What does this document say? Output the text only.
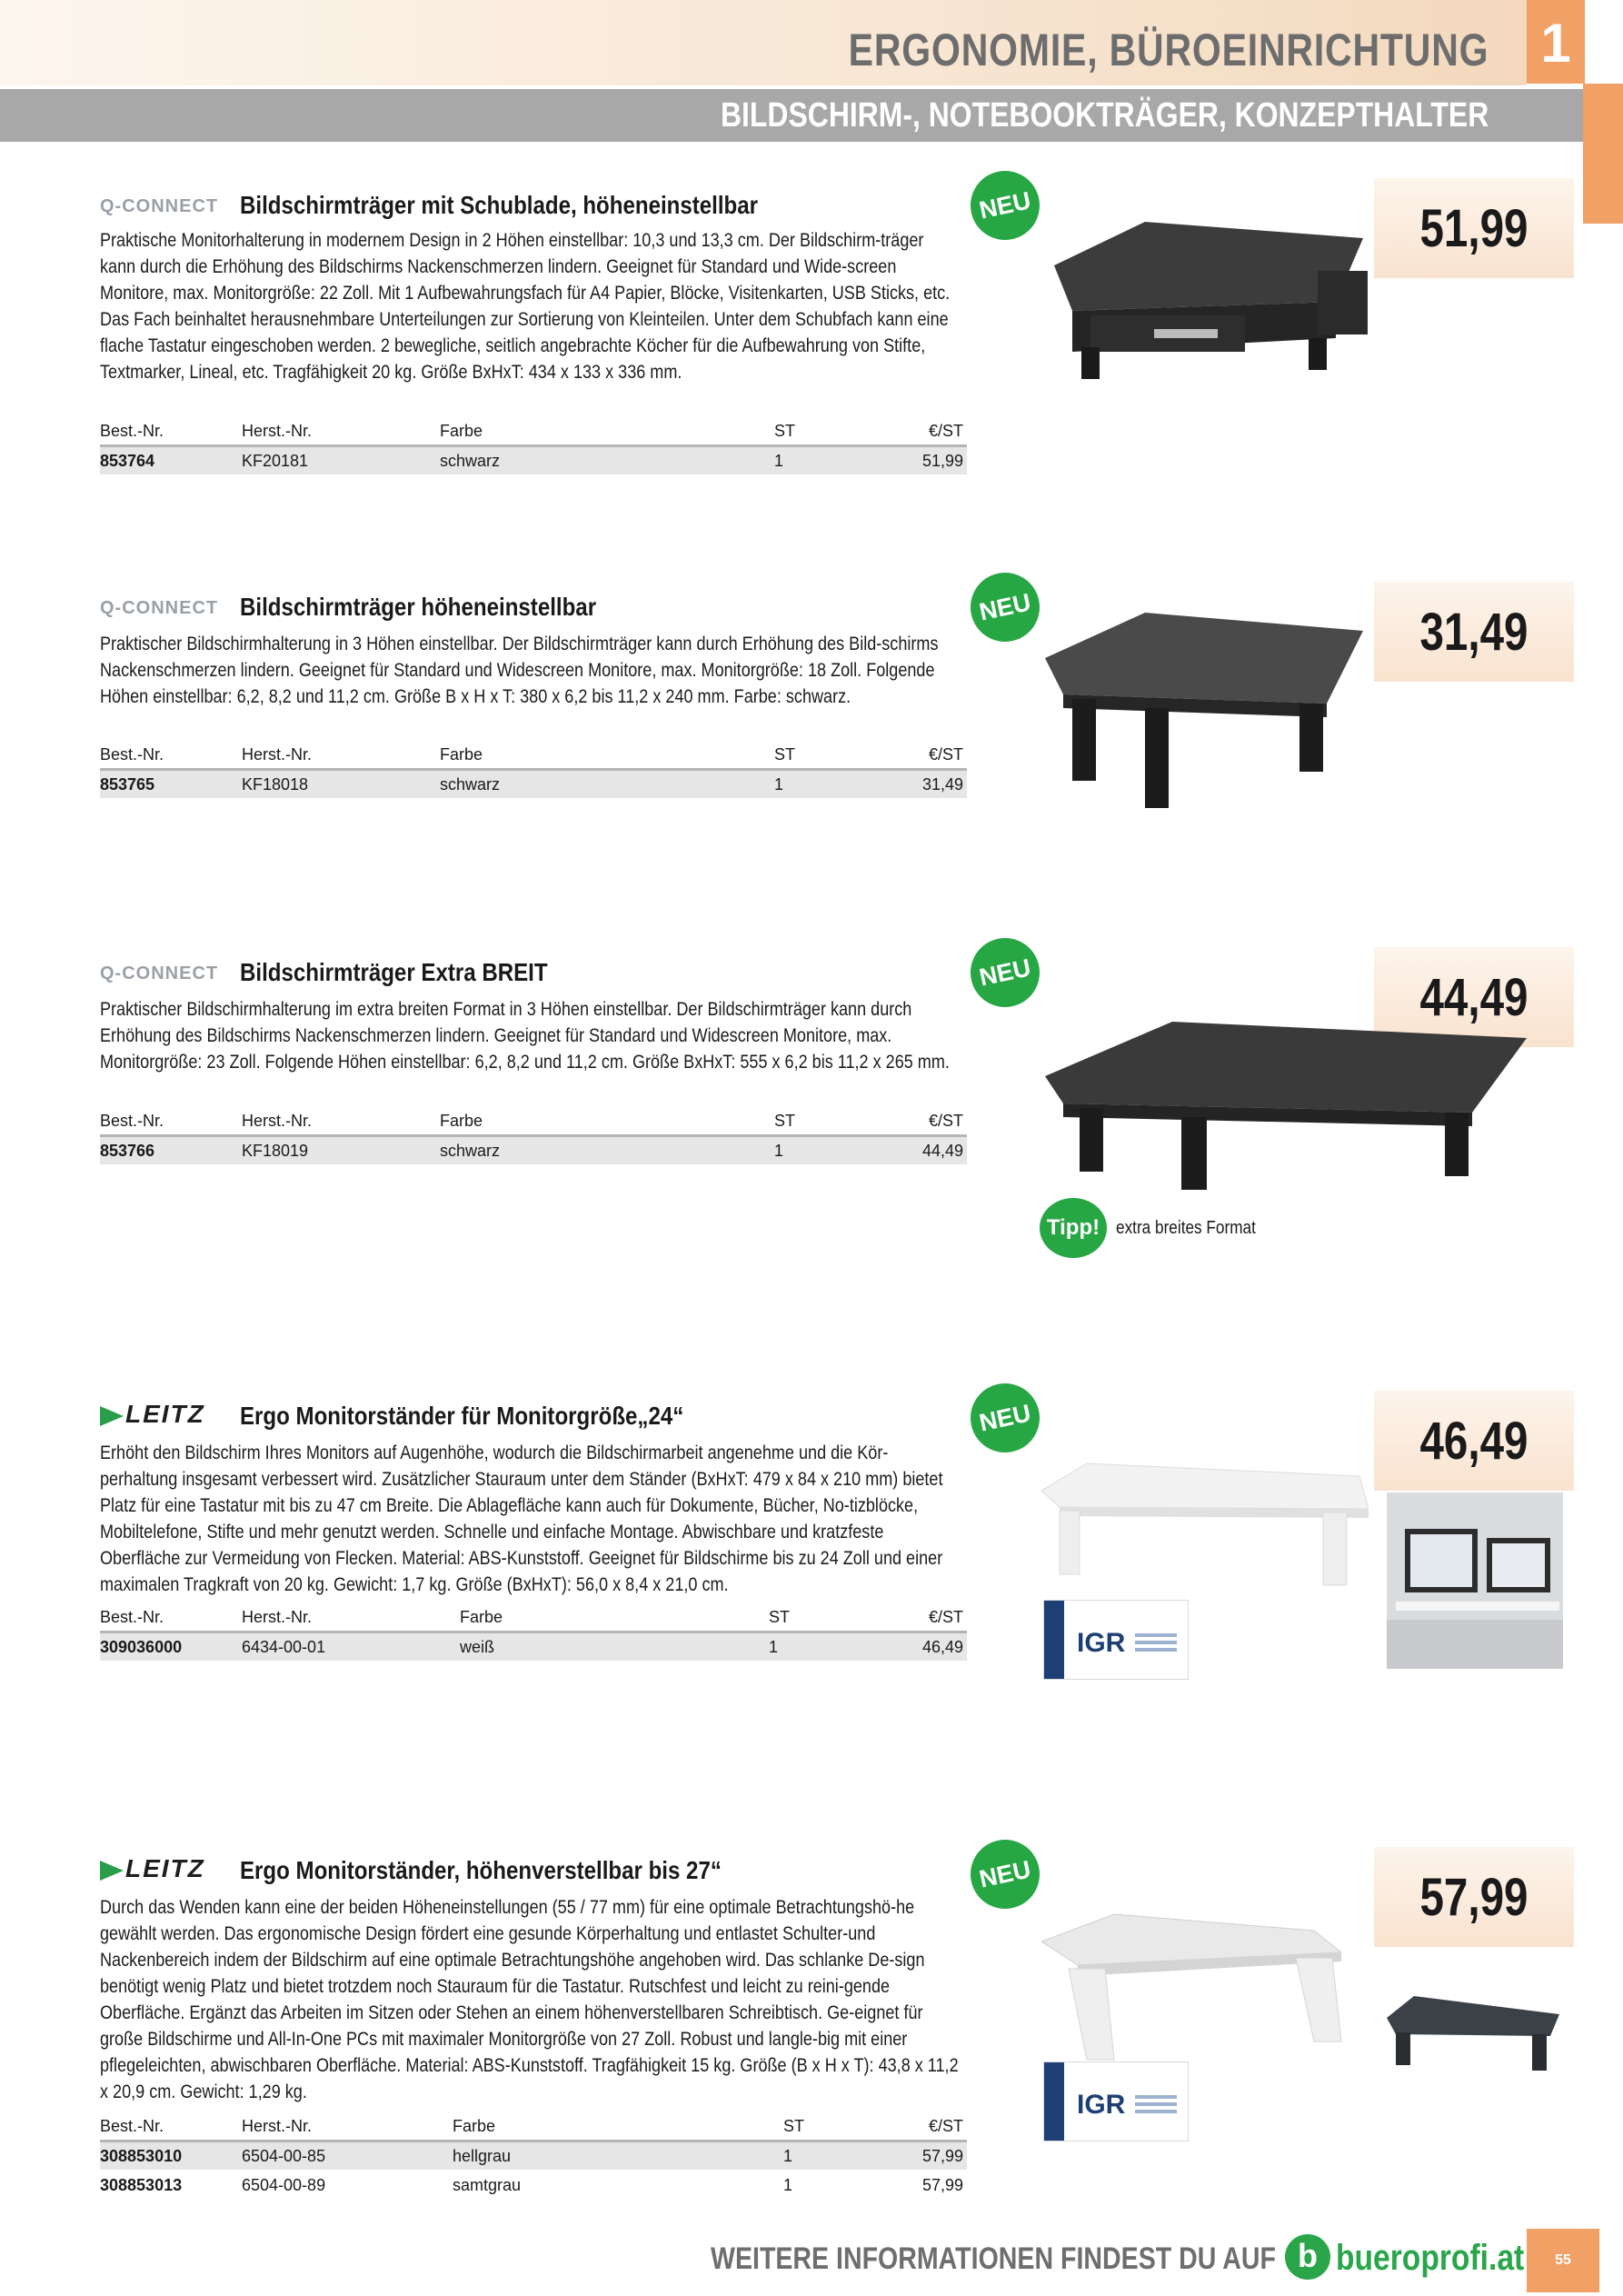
ERGONOMIE, BÜROEINRICHTUNG 1
BILDSCHIRM-, NOTEBOOKTRÄGER, KONZEPTHALTER
Q-CONNECT Bildschirmträger mit Schublade, höheneinstellbar
Praktische Monitorhalterung in modernem Design in 2 Höhen einstellbar: 10,3 und 13,3 cm. Der Bildschirm-träger kann durch die Erhöhung des Bildschirms Nackenschmerzen lindern. Geeignet für Standard und Wide-screen Monitore, max. Monitorgröße: 22 Zoll. Mit 1 Aufbewahrungsfach für A4 Papier, Blöcke, Visitenkarten, USB Sticks, etc. Das Fach beinhaltet herausnehmbare Unterteilungen zur Sortierung von Kleinteilen. Unter dem Schubfach kann eine flache Tastatur eingeschoben werden. 2 bewegliche, seitlich angebrachte Köcher für die Aufbewahrung von Stifte, Textmarker, Lineal, etc. Tragfähigkeit 20 kg. Größe BxHxT: 434 x 133 x 336 mm.
Best.-Nr.	Herst.-Nr.	Farbe	ST	€/ST
853764	KF20181	schwarz	1	51,99
NEU	51,99
Q-CONNECT Bildschirmträger höheneinstellbar
Praktischer Bildschirmhalterung in 3 Höhen einstellbar. Der Bildschirmträger kann durch Erhöhung des Bild-schirms Nackenschmerzen lindern. Geeignet für Standard und Widescreen Monitore, max. Monitorgröße: 18 Zoll. Folgende Höhen einstellbar: 6,2, 8,2 und 11,2 cm. Größe B x H x T: 380 x 6,2 bis 11,2 x 240 mm. Farbe: schwarz.
Best.-Nr.	Herst.-Nr.	Farbe	ST	€/ST
853765	KF18018	schwarz	1	31,49
NEU	31,49
Q-CONNECT Bildschirmträger Extra BREIT
Praktischer Bildschirmhalterung im extra breiten Format in 3 Höhen einstellbar. Der Bildschirmträger kann durch Erhöhung des Bildschirms Nackenschmerzen lindern. Geeignet für Standard und Widescreen Monitore, max. Monitorgröße: 23 Zoll. Folgende Höhen einstellbar: 6,2, 8,2 und 11,2 cm. Größe BxHxT: 555 x 6,2 bis 11,2 x 265 mm.
Best.-Nr.	Herst.-Nr.	Farbe	ST	€/ST
853766	KF18019	schwarz	1	44,49
NEU	44,49
Tipp! extra breites Format
LEITZ Ergo Monitorständer für Monitorgröße„24“
Erhöht den Bildschirm Ihres Monitors auf Augenhöhe, wodurch die Bildschirmarbeit angenehme und die Kör-perhaltung insgesamt verbessert wird. Zusätzlicher Stauraum unter dem Ständer (BxHxT: 479 x 84 x 210 mm) bietet Platz für eine Tastatur mit bis zu 47 cm Breite. Die Ablagefläche kann auch für Dokumente, Bücher, No-tizblöcke, Mobiltelefone, Stifte und mehr genutzt werden. Schnelle und einfache Montage. Abwischbare und kratzfeste Oberfläche zur Vermeidung von Flecken. Material: ABS-Kunststoff. Geeignet für Bildschirme bis zu 24 Zoll und einer maximalen Tragkraft von 20 kg. Gewicht: 1,7 kg. Größe (BxHxT): 56,0 x 8,4 x 21,0 cm.
Best.-Nr.	Herst.-Nr.	Farbe	ST	€/ST
309036000	6434-00-01	weiß	1	46,49
NEU	46,49
IGR
LEITZ Ergo Monitorständer, höhenverstellbar bis 27“
Durch das Wenden kann eine der beiden Höheneinstellungen (55 / 77 mm) für eine optimale Betrachtungshö-he gewählt werden. Das ergonomische Design fördert eine gesunde Körperhaltung und entlastet Schulter-und Nackenbereich indem der Bildschirm auf eine optimale Betrachtungshöhe angehoben wird. Das schlanke De-sign benötigt wenig Platz und bietet trotzdem noch Stauraum für die Tastatur. Rutschfest und leicht zu reini-gende Oberfläche. Ergänzt das Arbeiten im Sitzen oder Stehen an einem höhenverstellbaren Schreibtisch. Ge-eignet für große Bildschirme und All-In-One PCs mit maximaler Monitorgröße von 27 Zoll. Robust und langle-big mit einer pflegeleichten, abwischbaren Oberfläche. Material: ABS-Kunststoff. Tragfähigkeit 15 kg. Größe (B x H x T): 43,8 x 11,2 x 20,9 cm. Gewicht: 1,29 kg.
Best.-Nr.	Herst.-Nr.	Farbe	ST	€/ST
308853010	6504-00-85	hellgrau	1	57,99
308853013	6504-00-89	samtgrau	1	57,99
NEU	57,99
IGR
WEITERE INFORMATIONEN FINDEST DU AUF b bueroprofi.at	55
